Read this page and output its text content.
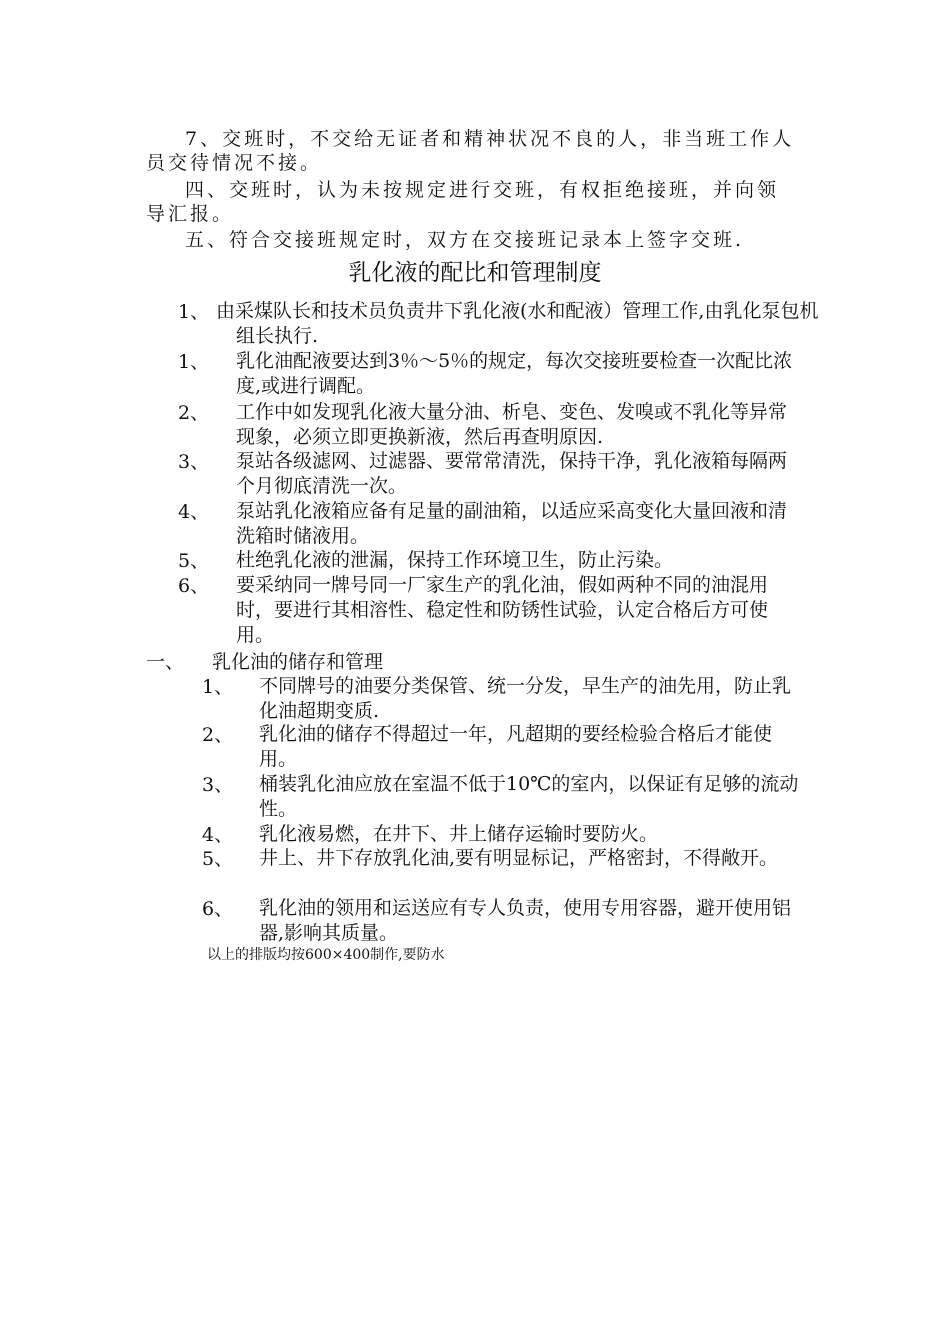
7、交班时，不交给无证者和精神状况不良的人，非当班工作人
员交待情况不接。
四、交班时，认为未按规定进行交班，有权拒绝接班，并向领
导汇报。
五、符合交接班规定时，双方在交接班记录本上签字交班.
乳化液的配比和管理制度
1、 由采煤队长和技术员负责井下乳化液(水和配液）管理工作,由乳化泵包机组长执行.
1、 乳化油配液要达到3％～5％的规定，每次交接班要检查一次配比浓度,或进行调配。
2、 工作中如发现乳化液大量分油、析皂、变色、发嗅或不乳化等异常现象，必须立即更换新液，然后再查明原因.
3、 泵站各级滤网、过滤器、要常常清洗，保持干净，乳化液箱每隔两个月彻底清洗一次。
4、 泵站乳化液箱应备有足量的副油箱，以适应采高变化大量回液和清洗箱时储液用。
5、 杜绝乳化液的泄漏，保持工作环境卫生，防止污染。
6、 要采纳同一牌号同一厂家生产的乳化油，假如两种不同的油混用时，要进行其相溶性、稳定性和防锈性试验，认定合格后方可使用。
一、 乳化油的储存和管理
1、 不同牌号的油要分类保管、统一分发，早生产的油先用，防止乳化油超期变质.
2、 乳化油的储存不得超过一年，凡超期的要经检验合格后才能使用。
3、 桶装乳化油应放在室温不低于10℃的室内，以保证有足够的流动性。
4、 乳化液易燃，在井下、井上储存运输时要防火。
5、 井上、井下存放乳化油,要有明显标记，严格密封，不得敞开。
6、 乳化油的领用和运送应有专人负责，使用专用容器，避开使用铝器,影响其质量。
以上的排版均按600×400制作,要防水
